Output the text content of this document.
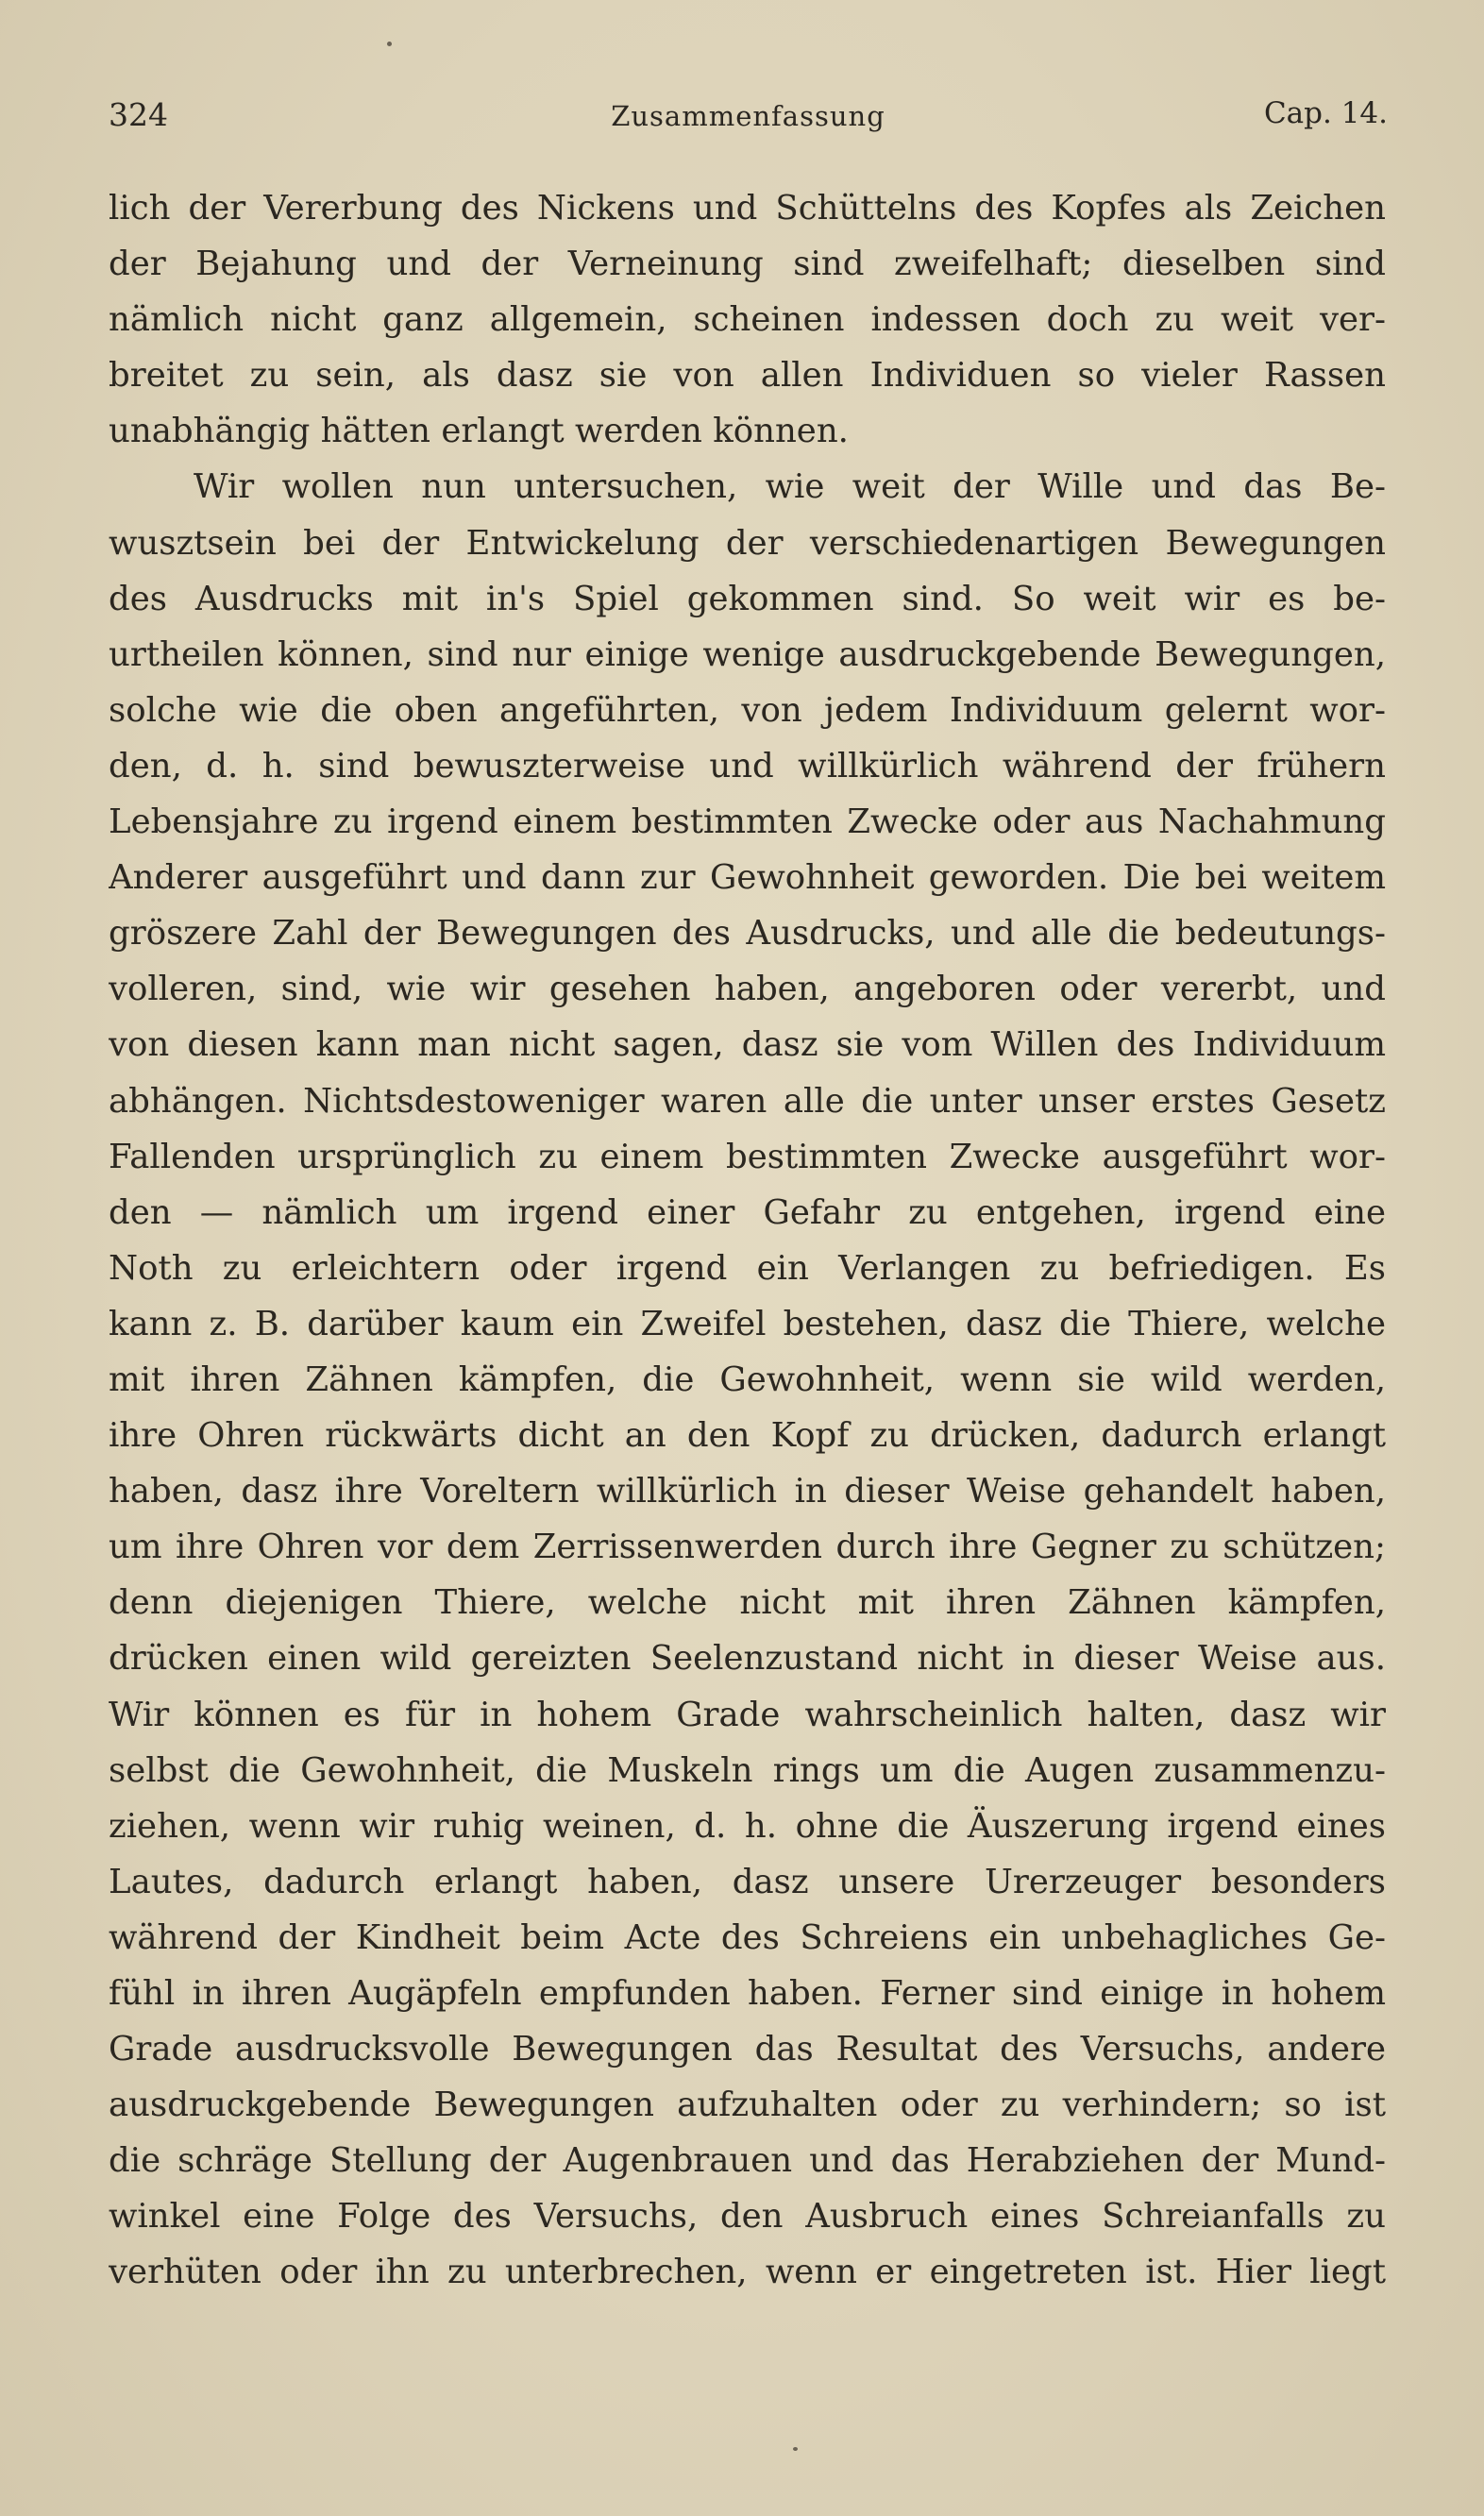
324	Zusammenfassung	Cap. 14.
lich der Vererbung des Nickens und Schüttelns des Kopfes als Zeichen
der Bejahung und der Verneinung sind zweifelhaft; dieselben sind
nämlich nicht ganz allgemein, scheinen indessen doch zu weit ver-
breitet zu sein, als dasz sie von allen Individuen so vieler Rassen
unabhängig hätten erlangt werden können.
Wir wollen nun untersuchen, wie weit der Wille und das Be-
wusztsein bei der Entwickelung der verschiedenartigen Bewegungen
des Ausdrucks mit in's Spiel gekommen sind. So weit wir es be-
urtheilen können, sind nur einige wenige ausdruckgebende Bewegungen,
solche wie die oben angeführten, von jedem Individuum gelernt wor-
den, d. h. sind bewuszterweise und willkürlich während der frühern
Lebensjahre zu irgend einem bestimmten Zwecke oder aus Nachahmung
Anderer ausgeführt und dann zur Gewohnheit geworden. Die bei weitem
gröszere Zahl der Bewegungen des Ausdrucks, und alle die bedeutungs-
volleren, sind, wie wir gesehen haben, angeboren oder vererbt, und
von diesen kann man nicht sagen, dasz sie vom Willen des Individuum
abhängen. Nichtsdestoweniger waren alle die unter unser erstes Gesetz
Fallenden ursprünglich zu einem bestimmten Zwecke ausgeführt wor-
den — nämlich um irgend einer Gefahr zu entgehen, irgend eine
Noth zu erleichtern oder irgend ein Verlangen zu befriedigen. Es
kann z. B. darüber kaum ein Zweifel bestehen, dasz die Thiere, welche
mit ihren Zähnen kämpfen, die Gewohnheit, wenn sie wild werden,
ihre Ohren rückwärts dicht an den Kopf zu drücken, dadurch erlangt
haben, dasz ihre Voreltern willkürlich in dieser Weise gehandelt haben,
um ihre Ohren vor dem Zerrissenwerden durch ihre Gegner zu schützen;
denn diejenigen Thiere, welche nicht mit ihren Zähnen kämpfen,
drücken einen wild gereizten Seelenzustand nicht in dieser Weise aus.
Wir können es für in hohem Grade wahrscheinlich halten, dasz wir
selbst die Gewohnheit, die Muskeln rings um die Augen zusammenzu-
ziehen, wenn wir ruhig weinen, d. h. ohne die Äuszerung irgend eines
Lautes, dadurch erlangt haben, dasz unsere Urerzeuger besonders
während der Kindheit beim Acte des Schreiens ein unbehagliches Ge-
fühl in ihren Augäpfeln empfunden haben. Ferner sind einige in hohem
Grade ausdrucksvolle Bewegungen das Resultat des Versuchs, andere
ausdruckgebende Bewegungen aufzuhalten oder zu verhindern; so ist
die schräge Stellung der Augenbrauen und das Herabziehen der Mund-
winkel eine Folge des Versuchs, den Ausbruch eines Schreianfalls zu
verhüten oder ihn zu unterbrechen, wenn er eingetreten ist. Hier liegt
